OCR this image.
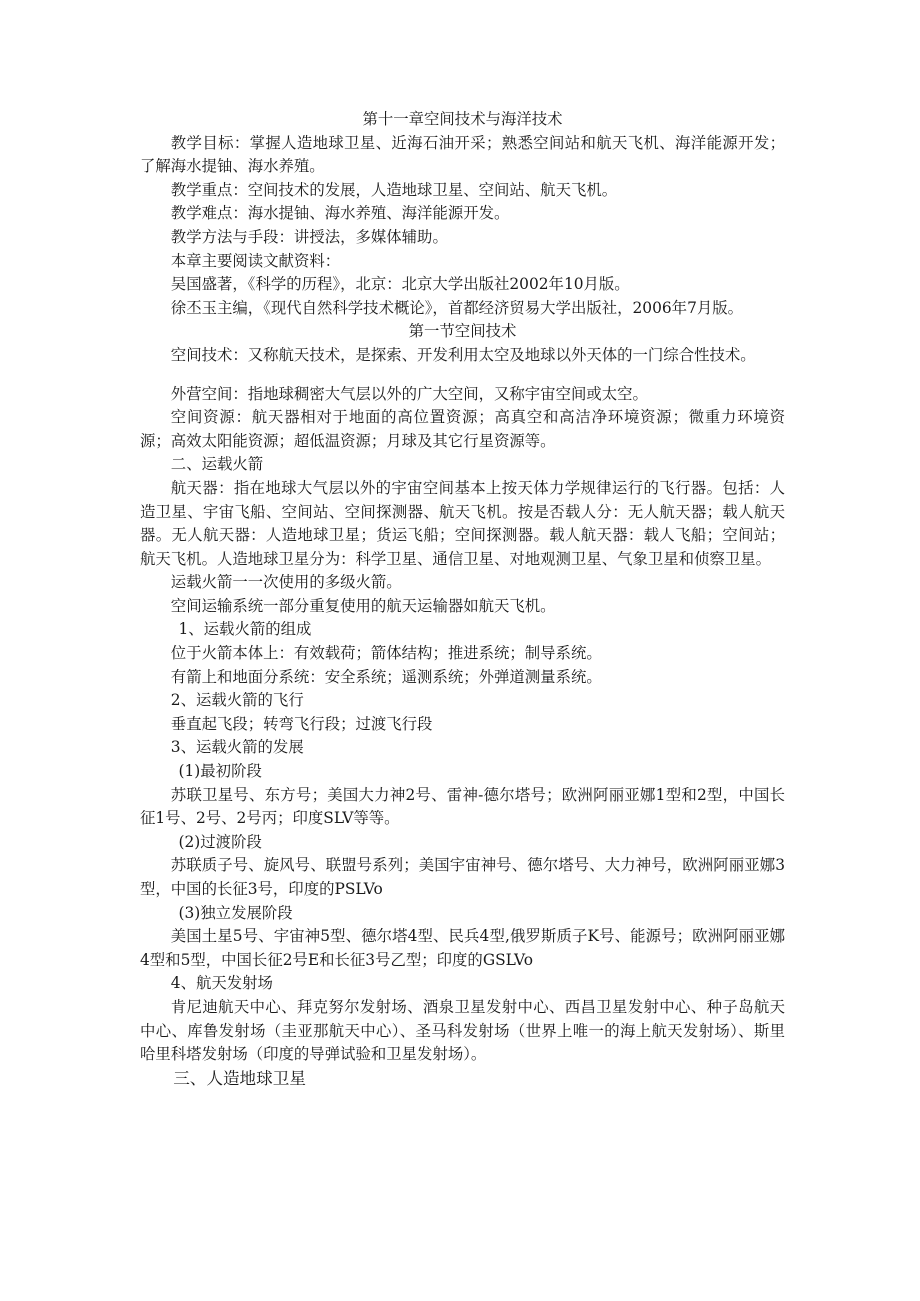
第十一章空间技术与海洋技术

教学目标：掌握人造地球卫星、近海石油开采；熟悉空间站和航天飞机、海洋能源开发；了解海水提铀、海水养殖。

教学重点：空间技术的发展，人造地球卫星、空间站、航天飞机。

教学难点：海水提铀、海水养殖、海洋能源开发。

教学方法与手段：讲授法，多媒体辅助。

本章主要阅读文献资料：

吴国盛著，《科学的历程》，北京：北京大学出版社2002年10月版。

徐丕玉主编，《现代自然科学技术概论》，首都经济贸易大学出版社，2006年7月版。

第一节空间技术

空间技术：又称航天技术，是探索、开发利用太空及地球以外天体的一门综合性技术。

外营空间：指地球稠密大气层以外的广大空间，又称宇宙空间或太空。

空间资源：航天器相对于地面的高位置资源；高真空和高洁净环境资源；微重力环境资源；高效太阳能资源；超低温资源；月球及其它行星资源等。

二、运载火箭

航天器：指在地球大气层以外的宇宙空间基本上按天体力学规律运行的飞行器。包括：人造卫星、宇宙飞船、空间站、空间探测器、航天飞机。按是否载人分：无人航天器；载人航天器。无人航天器：人造地球卫星；货运飞船；空间探测器。载人航天器：载人飞船；空间站；航天飞机。人造地球卫星分为：科学卫星、通信卫星、对地观测卫星、气象卫星和侦察卫星。

运载火箭一一次使用的多级火箭。

空间运输系统一部分重复使用的航天运输器如航天飞机。

1、运载火箭的组成

位于火箭本体上：有效载荷；箭体结构；推进系统；制导系统。

有箭上和地面分系统：安全系统；遥测系统；外弹道测量系统。

2、运载火箭的飞行

垂直起飞段；转弯飞行段；过渡飞行段

3、运载火箭的发展

(1)最初阶段

苏联卫星号、东方号；美国大力神2号、雷神-德尔塔号；欧洲阿丽亚娜1型和2型，中国长征1号、2号、2号丙；印度SLV等等。

(2)过渡阶段

苏联质子号、旋风号、联盟号系列；美国宇宙神号、德尔塔号、大力神号，欧洲阿丽亚娜3型，中国的长征3号，印度的PSLVo

(3)独立发展阶段

美国土星5号、宇宙神5型、德尔塔4型、民兵4型,俄罗斯质子K号、能源号；欧洲阿丽亚娜4型和5型，中国长征2号E和长征3号乙型；印度的GSLVo

4、航天发射场

肯尼迪航天中心、拜克努尔发射场、酒泉卫星发射中心、西昌卫星发射中心、种子岛航天中心、库鲁发射场（圭亚那航天中心）、圣马科发射场（世界上唯一的海上航天发射场）、斯里哈里科塔发射场（印度的导弹试验和卫星发射场）。

三、人造地球卫星
